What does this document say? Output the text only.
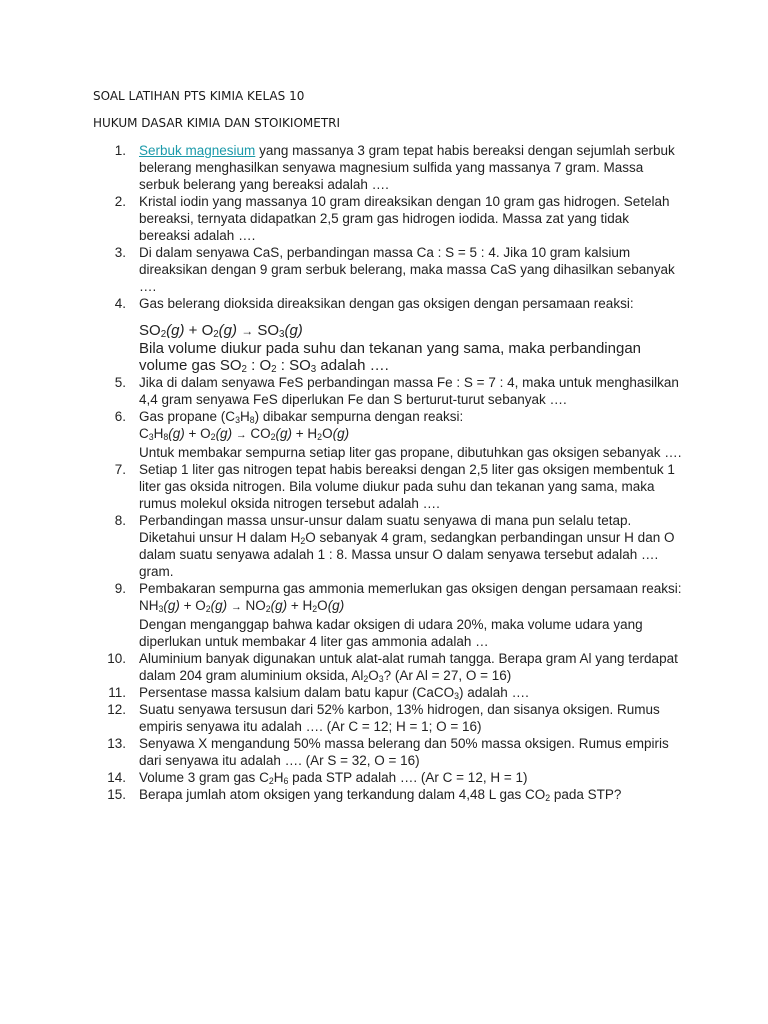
SOAL LATIHAN PTS KIMIA KELAS 10
HUKUM DASAR KIMIA DAN STOIKIOMETRI
1. Serbuk magnesium yang massanya 3 gram tepat habis bereaksi dengan sejumlah serbuk belerang menghasilkan senyawa magnesium sulfida yang massanya 7 gram. Massa serbuk belerang yang bereaksi adalah ….
2. Kristal iodin yang massanya 10 gram direaksikan dengan 10 gram gas hidrogen. Setelah bereaksi, ternyata didapatkan 2,5 gram gas hidrogen iodida. Massa zat yang tidak bereaksi adalah ….
3. Di dalam senyawa CaS, perbandingan massa Ca : S = 5 : 4. Jika 10 gram kalsium direaksikan dengan 9 gram serbuk belerang, maka massa CaS yang dihasilkan sebanyak ….
4. Gas belerang dioksida direaksikan dengan gas oksigen dengan persamaan reaksi:
$SO_2(g) + O_2(g) \to SO_3(g)$
Bila volume diukur pada suhu dan tekanan yang sama, maka perbandingan volume gas $SO_2$ : $O_2$ : $SO_3$ adalah ….
5. Jika di dalam senyawa FeS perbandingan massa Fe : S = 7 : 4, maka untuk menghasilkan 4,4 gram senyawa FeS diperlukan Fe dan S berturut-turut sebanyak ….
6. Gas propane $(C_3H_8)$ dibakar sempurna dengan reaksi:
$C_3H_8(g) + O_2(g) \to CO_2(g) + H_2O(g)$
Untuk membakar sempurna setiap liter gas propane, dibutuhkan gas oksigen sebanyak ….
7. Setiap 1 liter gas nitrogen tepat habis bereaksi dengan 2,5 liter gas oksigen membentuk 1 liter gas oksida nitrogen. Bila volume diukur pada suhu dan tekanan yang sama, maka rumus molekul oksida nitrogen tersebut adalah ….
8. Perbandingan massa unsur-unsur dalam suatu senyawa di mana pun selalu tetap. Diketahui unsur H dalam $H_2O$ sebanyak 4 gram, sedangkan perbandingan unsur H dan O dalam suatu senyawa adalah 1 : 8. Massa unsur O dalam senyawa tersebut adalah …. gram.
9. Pembakaran sempurna gas ammonia memerlukan gas oksigen dengan persamaan reaksi:
$NH_3(g) + O_2(g) \to NO_2(g) + H_2O(g)$
Dengan menganggap bahwa kadar oksigen di udara 20%, maka volume udara yang diperlukan untuk membakar 4 liter gas ammonia adalah …
10. Aluminium banyak digunakan untuk alat-alat rumah tangga. Berapa gram Al yang terdapat dalam 204 gram aluminium oksida, $Al_2O_3$? (Ar Al = 27, O = 16)
11. Persentase massa kalsium dalam batu kapur (CaCO$_3$) adalah ….
12. Suatu senyawa tersusun dari 52% karbon, 13% hidrogen, dan sisanya oksigen. Rumus empiris senyawa itu adalah …. (Ar C = 12; H = 1; O = 16)
13. Senyawa X mengandung 50% massa belerang dan 50% massa oksigen. Rumus empiris dari senyawa itu adalah …. (Ar S = 32, O = 16)
14. Volume 3 gram gas $C_2H_6$ pada STP adalah …. (Ar C = 12, H = 1)
15. Berapa jumlah atom oksigen yang terkandung dalam 4,48 L gas $CO_2$ pada STP?
